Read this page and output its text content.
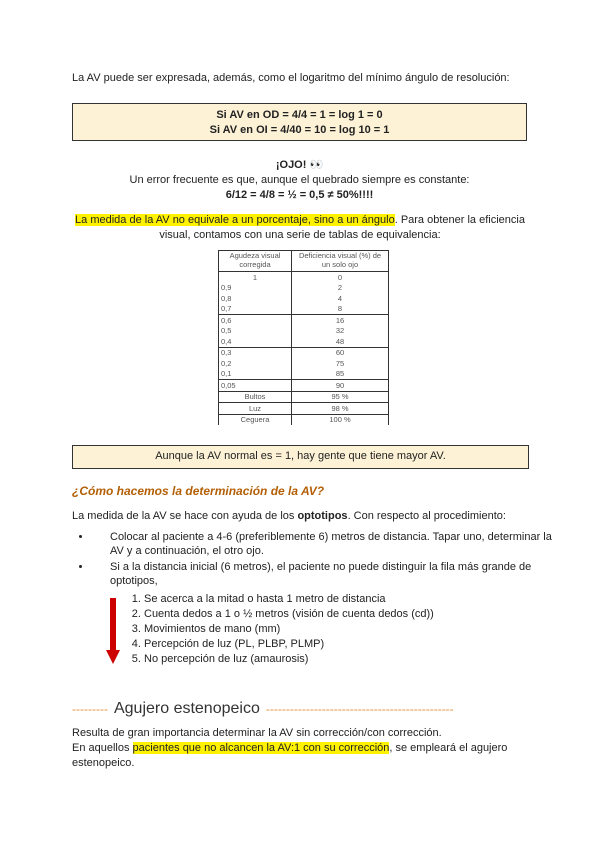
La AV puede ser expresada, además, como el logaritmo del mínimo ángulo de resolución:
Si AV en OD = 4/4 = 1 = log 1 = 0
Si AV en OI = 4/40 = 10 = log 10 = 1
¡OJO! 👀
Un error frecuente es que, aunque el quebrado siempre es constante:
6/12 = 4/8 = ½ = 0,5 ≠ 50%!!!!
La medida de la AV no equivale a un porcentaje, sino a un ángulo. Para obtener la eficiencia visual, contamos con una serie de tablas de equivalencia:
Agudeza visual corregida	Deficiencia visual (%) de un solo ojo
1	0
0,9	2
0,8	4
0,7	8
0,6	16
0,5	32
0,4	48
0,3	60
0,2	75
0,1	85
0,05	90
Bultos	95 %
Luz	98 %
Ceguera	100 %
Aunque la AV normal es = 1, hay gente que tiene mayor AV.
¿Cómo hacemos la determinación de la AV?
La medida de la AV se hace con ayuda de los optotipos. Con respecto al procedimiento:
• Colocar al paciente a 4-6 (preferiblemente 6) metros de distancia. Tapar uno, determinar la AV y a continuación, el otro ojo.
• Si a la distancia inicial (6 metros), el paciente no puede distinguir la fila más grande de optotipos,
1. Se acerca a la mitad o hasta 1 metro de distancia
2. Cuenta dedos a 1 o ½ metros (visión de cuenta dedos (cd))
3. Movimientos de mano (mm)
4. Percepción de luz (PL, PLBP, PLMP)
5. No percepción de luz (amaurosis)
--------- Agujero estenopeico -----------------------------------------------
Resulta de gran importancia determinar la AV sin corrección/con corrección.
En aquellos pacientes que no alcancen la AV:1 con su corrección, se empleará el agujero estenopeico.
